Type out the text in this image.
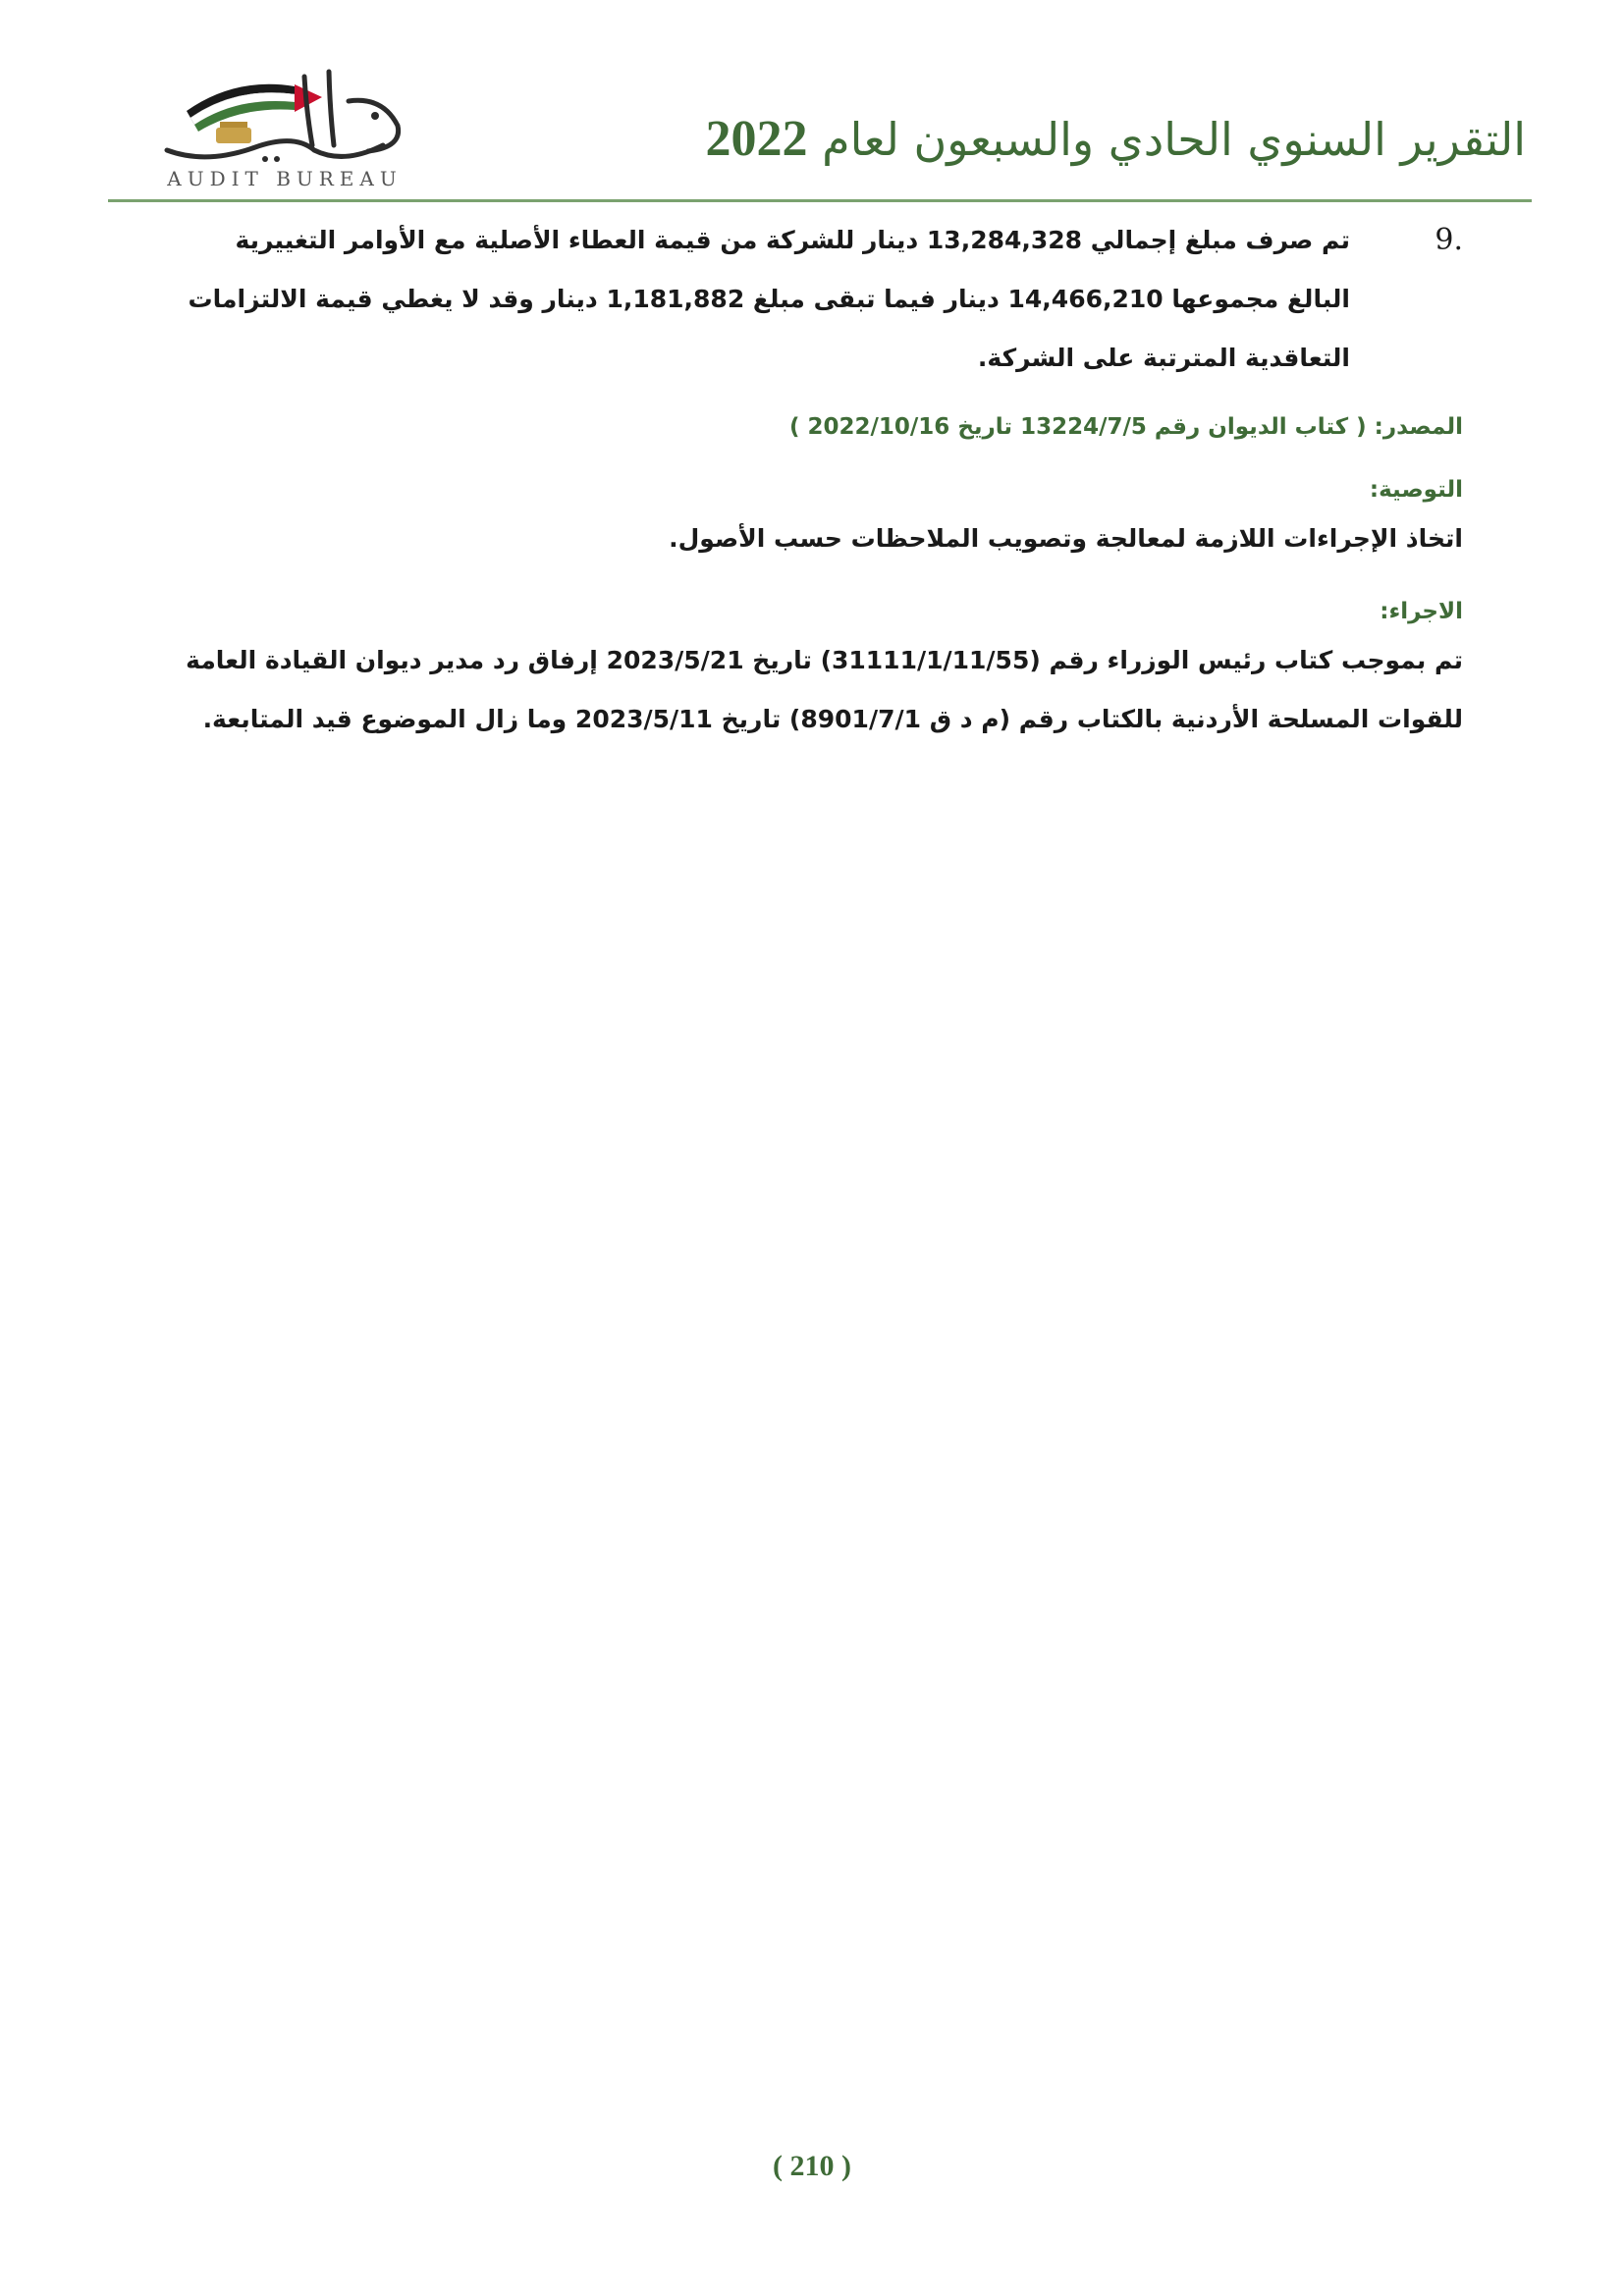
AUDIT BUREAU
التقرير السنوي الحادي والسبعون لعام 2022
.9

تم صرف مبلغ إجمالي 13,284,328 دينار للشركة من قيمة العطاء الأصلية مع الأوامر التغييرية البالغ مجموعها 14,466,210 دينار فيما تبقى مبلغ 1,181,882 دينار وقد لا يغطي قيمة الالتزامات التعاقدية المترتبة على الشركة.

المصدر: ( كتاب الديوان رقم 13224/7/5 تاريخ 2022/10/16 )
التوصية:

اتخاذ الإجراءات اللازمة لمعالجة وتصويب الملاحظات حسب الأصول.

الاجراء:

تم بموجب كتاب رئيس الوزراء رقم (31111/1/11/55) تاريخ 2023/5/21 إرفاق رد مدير ديوان القيادة العامة للقوات المسلحة الأردنية بالكتاب رقم (م د ق 8901/7/1) تاريخ 2023/5/11 وما زال الموضوع قيد المتابعة.

( 210 )
